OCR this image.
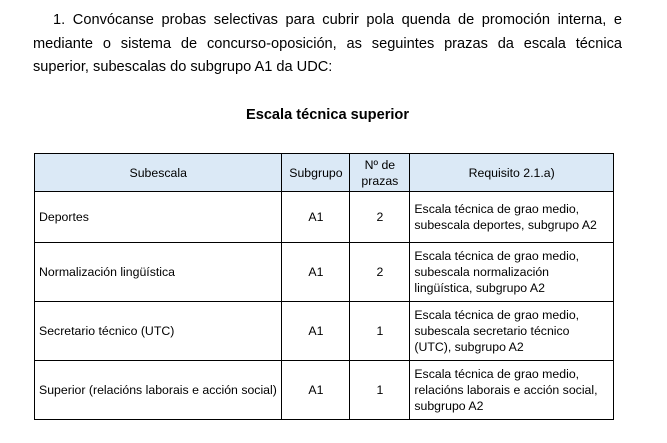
1. Convócanse probas selectivas para cubrir pola quenda de promoción interna, e mediante o sistema de concurso-oposición, as seguintes prazas da escala técnica superior, subescalas do subgrupo A1 da UDC:

Escala técnica superior
Subescala	Subgrupo	Nº de prazas	Requisito 2.1.a)
Deportes	A1	2	Escala técnica de grao medio, subescala deportes, subgrupo A2
Normalización lingüística	A1	2	Escala técnica de grao medio, subescala normalización lingüística, subgrupo A2
Secretario técnico (UTC)	A1	1	Escala técnica de grao medio, subescala secretario técnico (UTC), subgrupo A2
Superior (relacións laborais e acción social)	A1	1	Escala técnica de grao medio, relacións laborais e acción social, subgrupo A2
